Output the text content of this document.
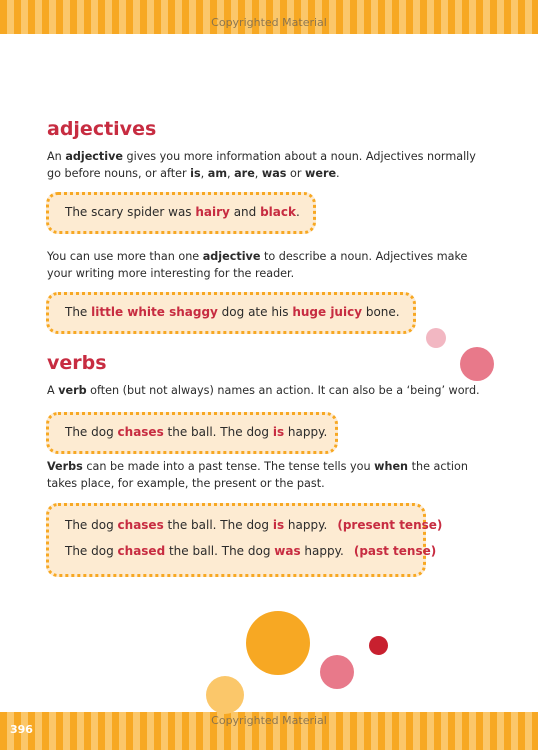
Copyrighted Material
Copyrighted Material
396
adjectives

An adjective gives you more information about a noun. Adjectives normally go before nouns, or after is, am, are, was or were.

The scary spider was hairy and black.

You can use more than one adjective to describe a noun. Adjectives make your writing more interesting for the reader.

The little white shaggy dog ate his huge juicy bone.
verbs

A verb often (but not always) names an action. It can also be a ‘being’ word.

The dog chases the ball. The dog is happy.

Verbs can be made into a past tense. The tense tells you when the action takes place, for example, the present or the past.

The dog chases the ball. The dog is happy. (present tense)
The dog chased the ball. The dog was happy. (past tense)
